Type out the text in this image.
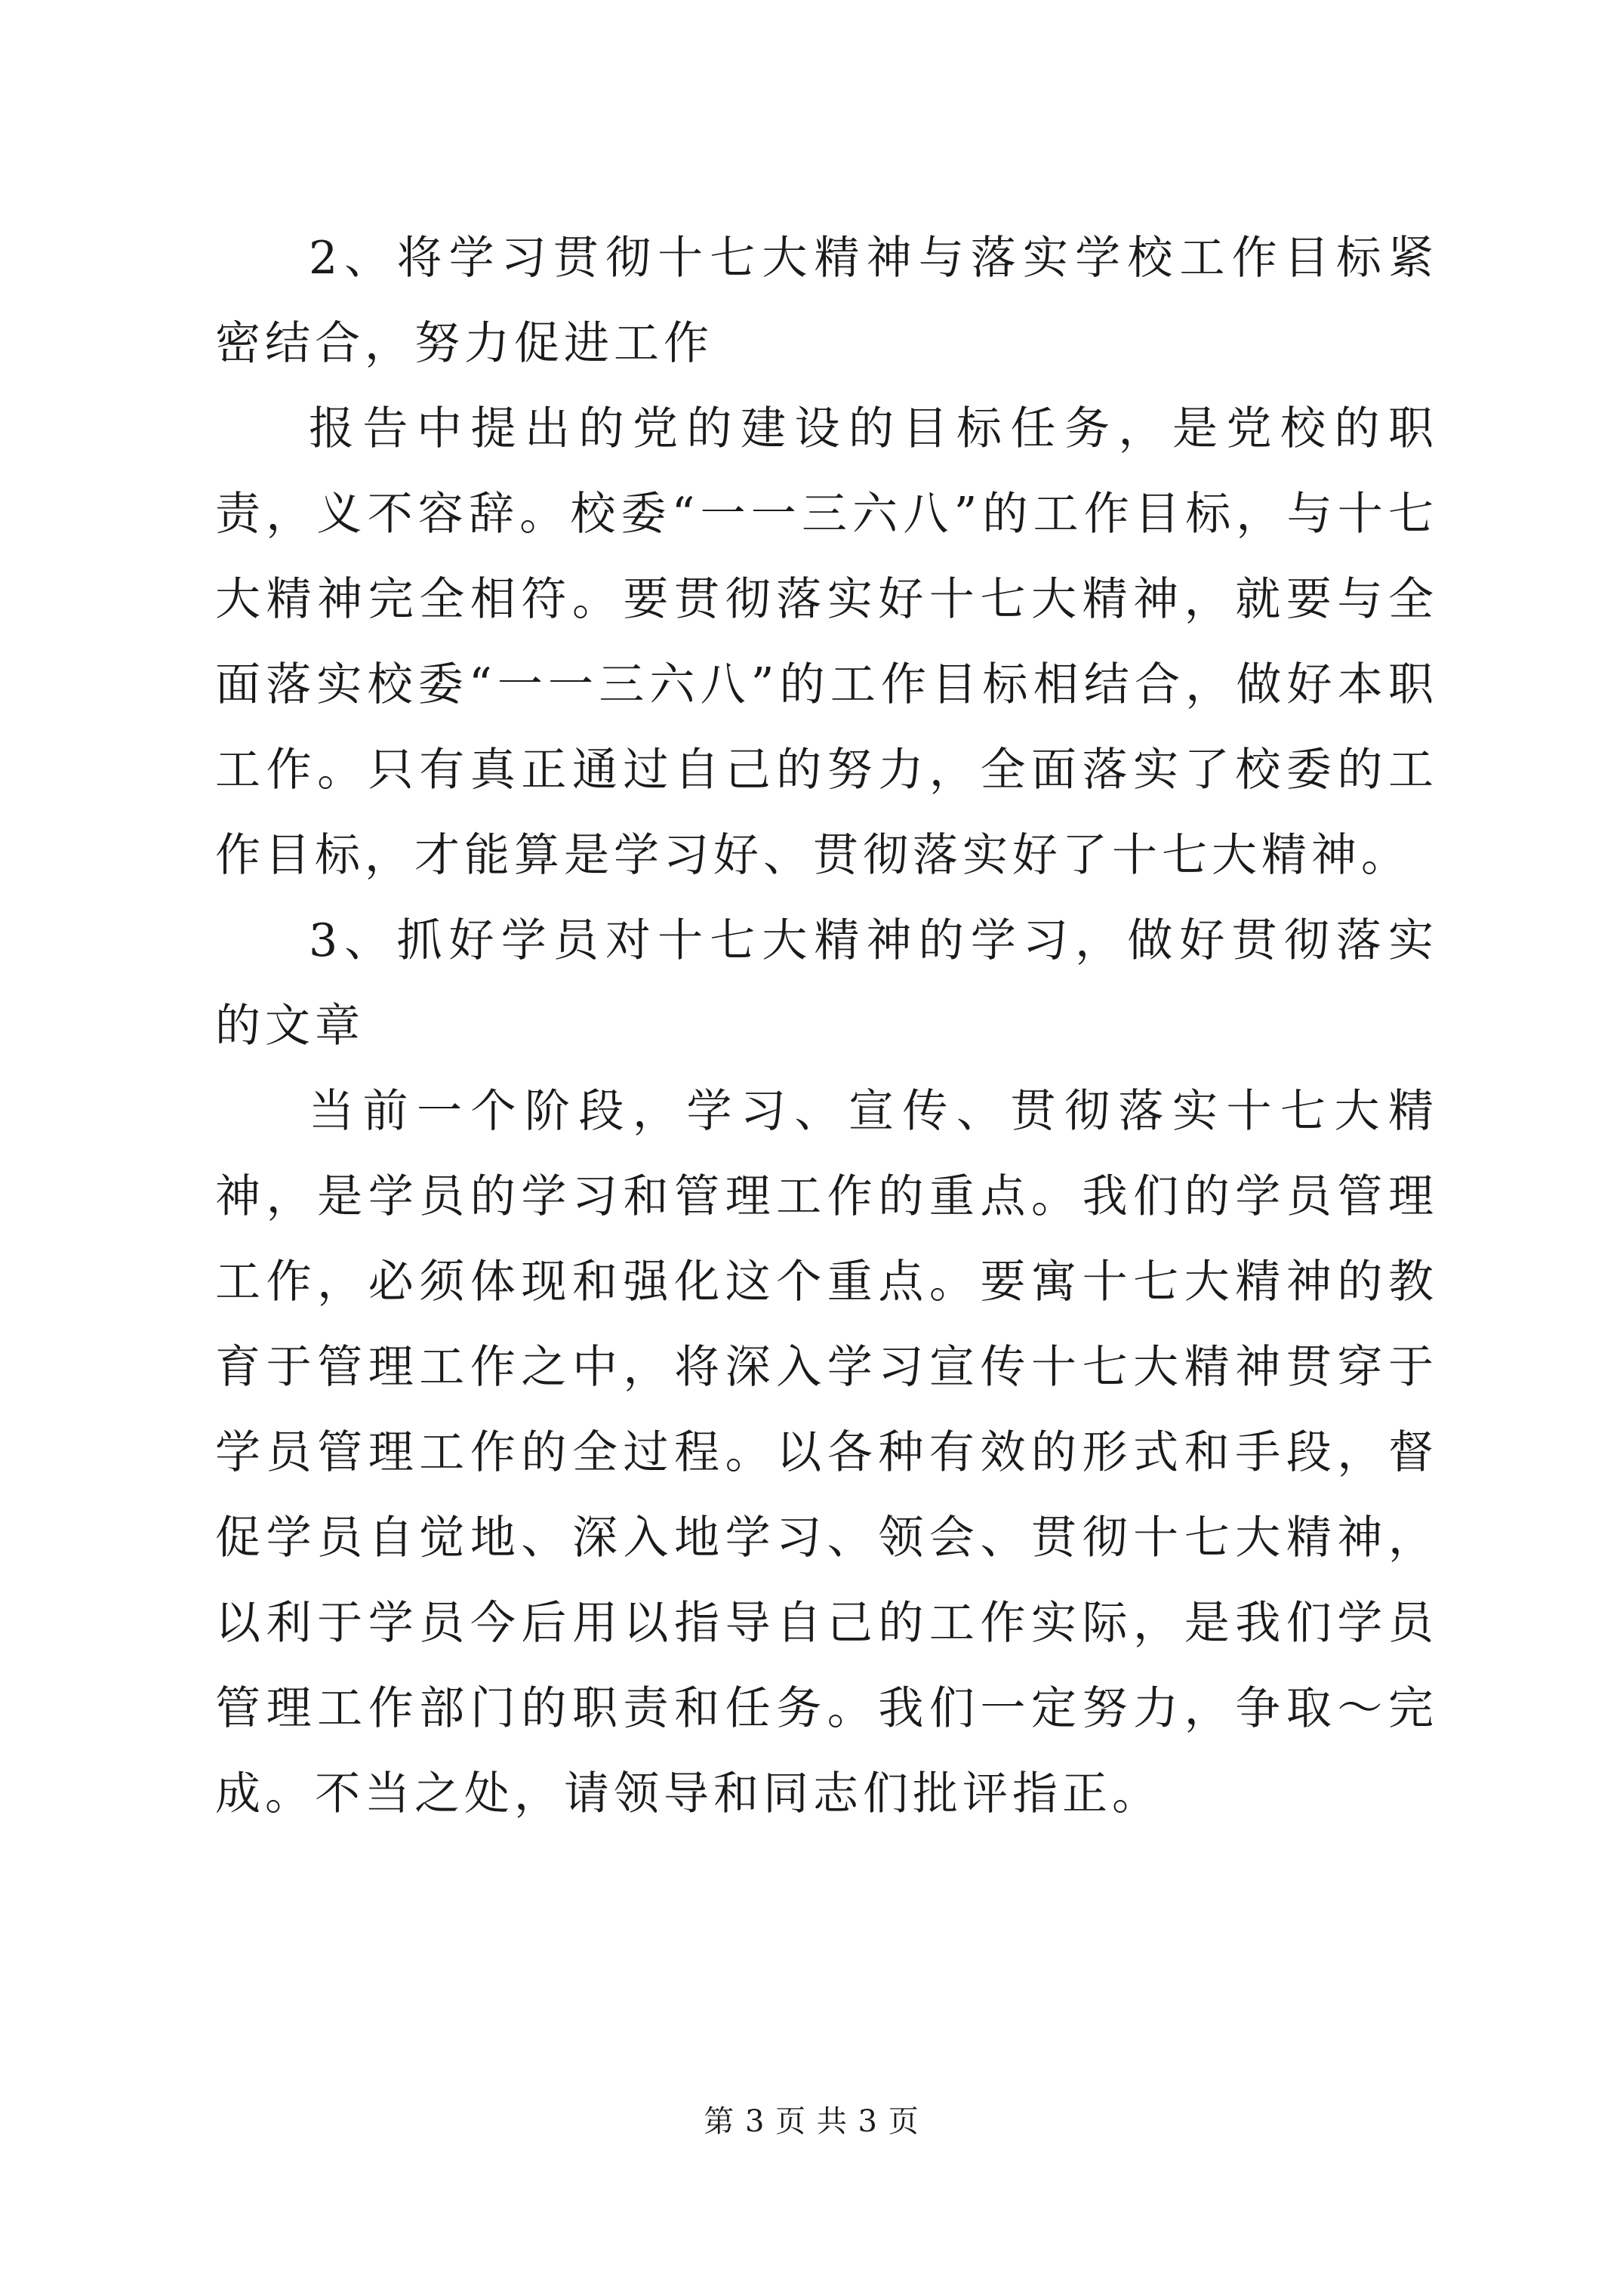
2、将学习贯彻十七大精神与落实学校工作目标紧密结合，努力促进工作

报告中提出的党的建设的目标任务，是党校的职责，义不容辞。校委“一一三六八”的工作目标，与十七大精神完全相符。要贯彻落实好十七大精神，就要与全面落实校委“一一三六八”的工作目标相结合，做好本职工作。只有真正通过自己的努力，全面落实了校委的工作目标，才能算是学习好、贯彻落实好了十七大精神。

3、抓好学员对十七大精神的学习，做好贯彻落实的文章

当前一个阶段，学习、宣传、贯彻落实十七大精神，是学员的学习和管理工作的重点。我们的学员管理工作，必须体现和强化这个重点。要寓十七大精神的教育于管理工作之中，将深入学习宣传十七大精神贯穿于学员管理工作的全过程。以各种有效的形式和手段，督促学员自觉地、深入地学习、领会、贯彻十七大精神，以利于学员今后用以指导自己的工作实际，是我们学员管理工作部门的职责和任务。我们一定努力，争取～完成。不当之处，请领导和同志们批评指正。

第 3 页 共 3 页
